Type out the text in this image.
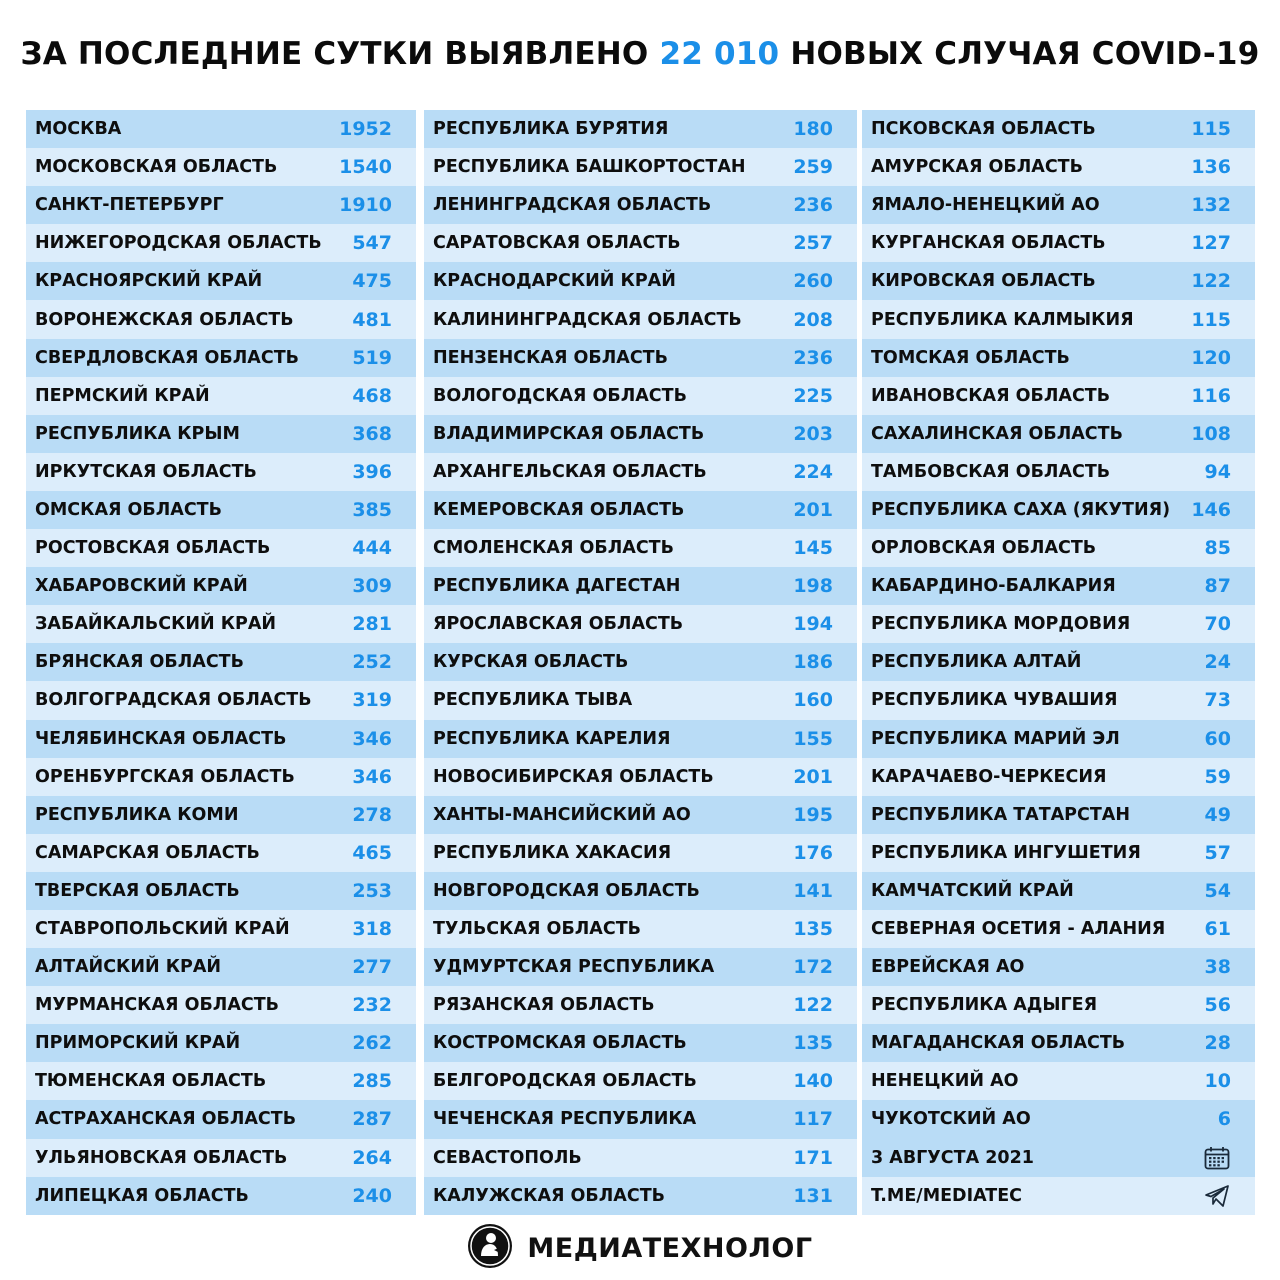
ЗА ПОСЛЕДНИЕ СУТКИ ВЫЯВЛЕНО 22 010 НОВЫХ СЛУЧАЯ COVID-19
МОСКВА	1952
МОСКОВСКАЯ ОБЛАСТЬ	1540
САНКТ-ПЕТЕРБУРГ	1910
НИЖЕГОРОДСКАЯ ОБЛАСТЬ 547
КРАСНОЯРСКИЙ КРАЙ	475
ВОРОНЕЖСКАЯ ОБЛАСТЬ	481
СВЕРДЛОВСКАЯ ОБЛАСТЬ	519
ПЕРМСКИЙ КРАЙ	468
РЕСПУБЛИКА КРЫМ	368
ИРКУТСКАЯ ОБЛАСТЬ	396
ОМСКАЯ ОБЛАСТЬ	385
РОСТОВСКАЯ ОБЛАСТЬ	444
ХАБАРОВСКИЙ КРАЙ	309
ЗАБАЙКАЛЬСКИЙ КРАЙ	281
БРЯНСКАЯ ОБЛАСТЬ	252
ВОЛГОГРАДСКАЯ ОБЛАСТЬ 319
ЧЕЛЯБИНСКАЯ ОБЛАСТЬ	346
ОРЕНБУРГСКАЯ ОБЛАСТЬ	346
РЕСПУБЛИКА КОМИ	278
САМАРСКАЯ ОБЛАСТЬ	465
ТВЕРСКАЯ ОБЛАСТЬ	253
СТАВРОПОЛЬСКИЙ КРАЙ	318
АЛТАЙСКИЙ КРАЙ	277
МУРМАНСКАЯ ОБЛАСТЬ	232
ПРИМОРСКИЙ КРАЙ	262
ТЮМЕНСКАЯ ОБЛАСТЬ	285
АСТРАХАНСКАЯ ОБЛАСТЬ	287
УЛЬЯНОВСКАЯ ОБЛАСТЬ	264
ЛИПЕЦКАЯ ОБЛАСТЬ	240
РЕСПУБЛИКА БУРЯТИЯ	180
РЕСПУБЛИКА БАШКОРТОСТАН	259
ЛЕНИНГРАДСКАЯ ОБЛАСТЬ	236
САРАТОВСКАЯ ОБЛАСТЬ	257
КРАСНОДАРСКИЙ КРАЙ	260
КАЛИНИНГРАДСКАЯ ОБЛАСТЬ	208
ПЕНЗЕНСКАЯ ОБЛАСТЬ	236
ВОЛОГОДСКАЯ ОБЛАСТЬ	225
ВЛАДИМИРСКАЯ ОБЛАСТЬ	203
АРХАНГЕЛЬСКАЯ ОБЛАСТЬ	224
КЕМЕРОВСКАЯ ОБЛАСТЬ	201
СМОЛЕНСКАЯ ОБЛАСТЬ	145
РЕСПУБЛИКА ДАГЕСТАН	198
ЯРОСЛАВСКАЯ ОБЛАСТЬ	194
КУРСКАЯ ОБЛАСТЬ	186
РЕСПУБЛИКА ТЫВА	160
РЕСПУБЛИКА КАРЕЛИЯ	155
НОВОСИБИРСКАЯ ОБЛАСТЬ	201
ХАНТЫ-МАНСИЙСКИЙ АО	195
РЕСПУБЛИКА ХАКАСИЯ	176
НОВГОРОДСКАЯ ОБЛАСТЬ	141
ТУЛЬСКАЯ ОБЛАСТЬ	135
УДМУРТСКАЯ РЕСПУБЛИКА	172
РЯЗАНСКАЯ ОБЛАСТЬ	122
КОСТРОМСКАЯ ОБЛАСТЬ	135
БЕЛГОРОДСКАЯ ОБЛАСТЬ	140
ЧЕЧЕНСКАЯ РЕСПУБЛИКА	117
СЕВАСТОПОЛЬ	171
КАЛУЖСКАЯ ОБЛАСТЬ	131
ПСКОВСКАЯ ОБЛАСТЬ	115
АМУРСКАЯ ОБЛАСТЬ	136
ЯМАЛО-НЕНЕЦКИЙ АО	132
КУРГАНСКАЯ ОБЛАСТЬ	127
КИРОВСКАЯ ОБЛАСТЬ	122
РЕСПУБЛИКА КАЛМЫКИЯ	115
ТОМСКАЯ ОБЛАСТЬ	120
ИВАНОВСКАЯ ОБЛАСТЬ	116
САХАЛИНСКАЯ ОБЛАСТЬ	108
ТАМБОВСКАЯ ОБЛАСТЬ	94
РЕСПУБЛИКА САХА (ЯКУТИЯ) 146
ОРЛОВСКАЯ ОБЛАСТЬ	85
КАБАРДИНО-БАЛКАРИЯ	87
РЕСПУБЛИКА МОРДОВИЯ	70
РЕСПУБЛИКА АЛТАЙ	24
РЕСПУБЛИКА ЧУВАШИЯ	73
РЕСПУБЛИКА МАРИЙ ЭЛ	60
КАРАЧАЕВО-ЧЕРКЕСИЯ	59
РЕСПУБЛИКА ТАТАРСТАН	49
РЕСПУБЛИКА ИНГУШЕТИЯ	57
КАМЧАТСКИЙ КРАЙ	54
СЕВЕРНАЯ ОСЕТИЯ - АЛАНИЯ 61
ЕВРЕЙСКАЯ АО	38
РЕСПУБЛИКА АДЫГЕЯ	56
МАГАДАНСКАЯ ОБЛАСТЬ	28
НЕНЕЦКИЙ АО	10
ЧУКОТСКИЙ АО	6
3 АВГУСТА 2021
T.ME/MEDIATEC
МЕДИАТЕХНОЛОГ
